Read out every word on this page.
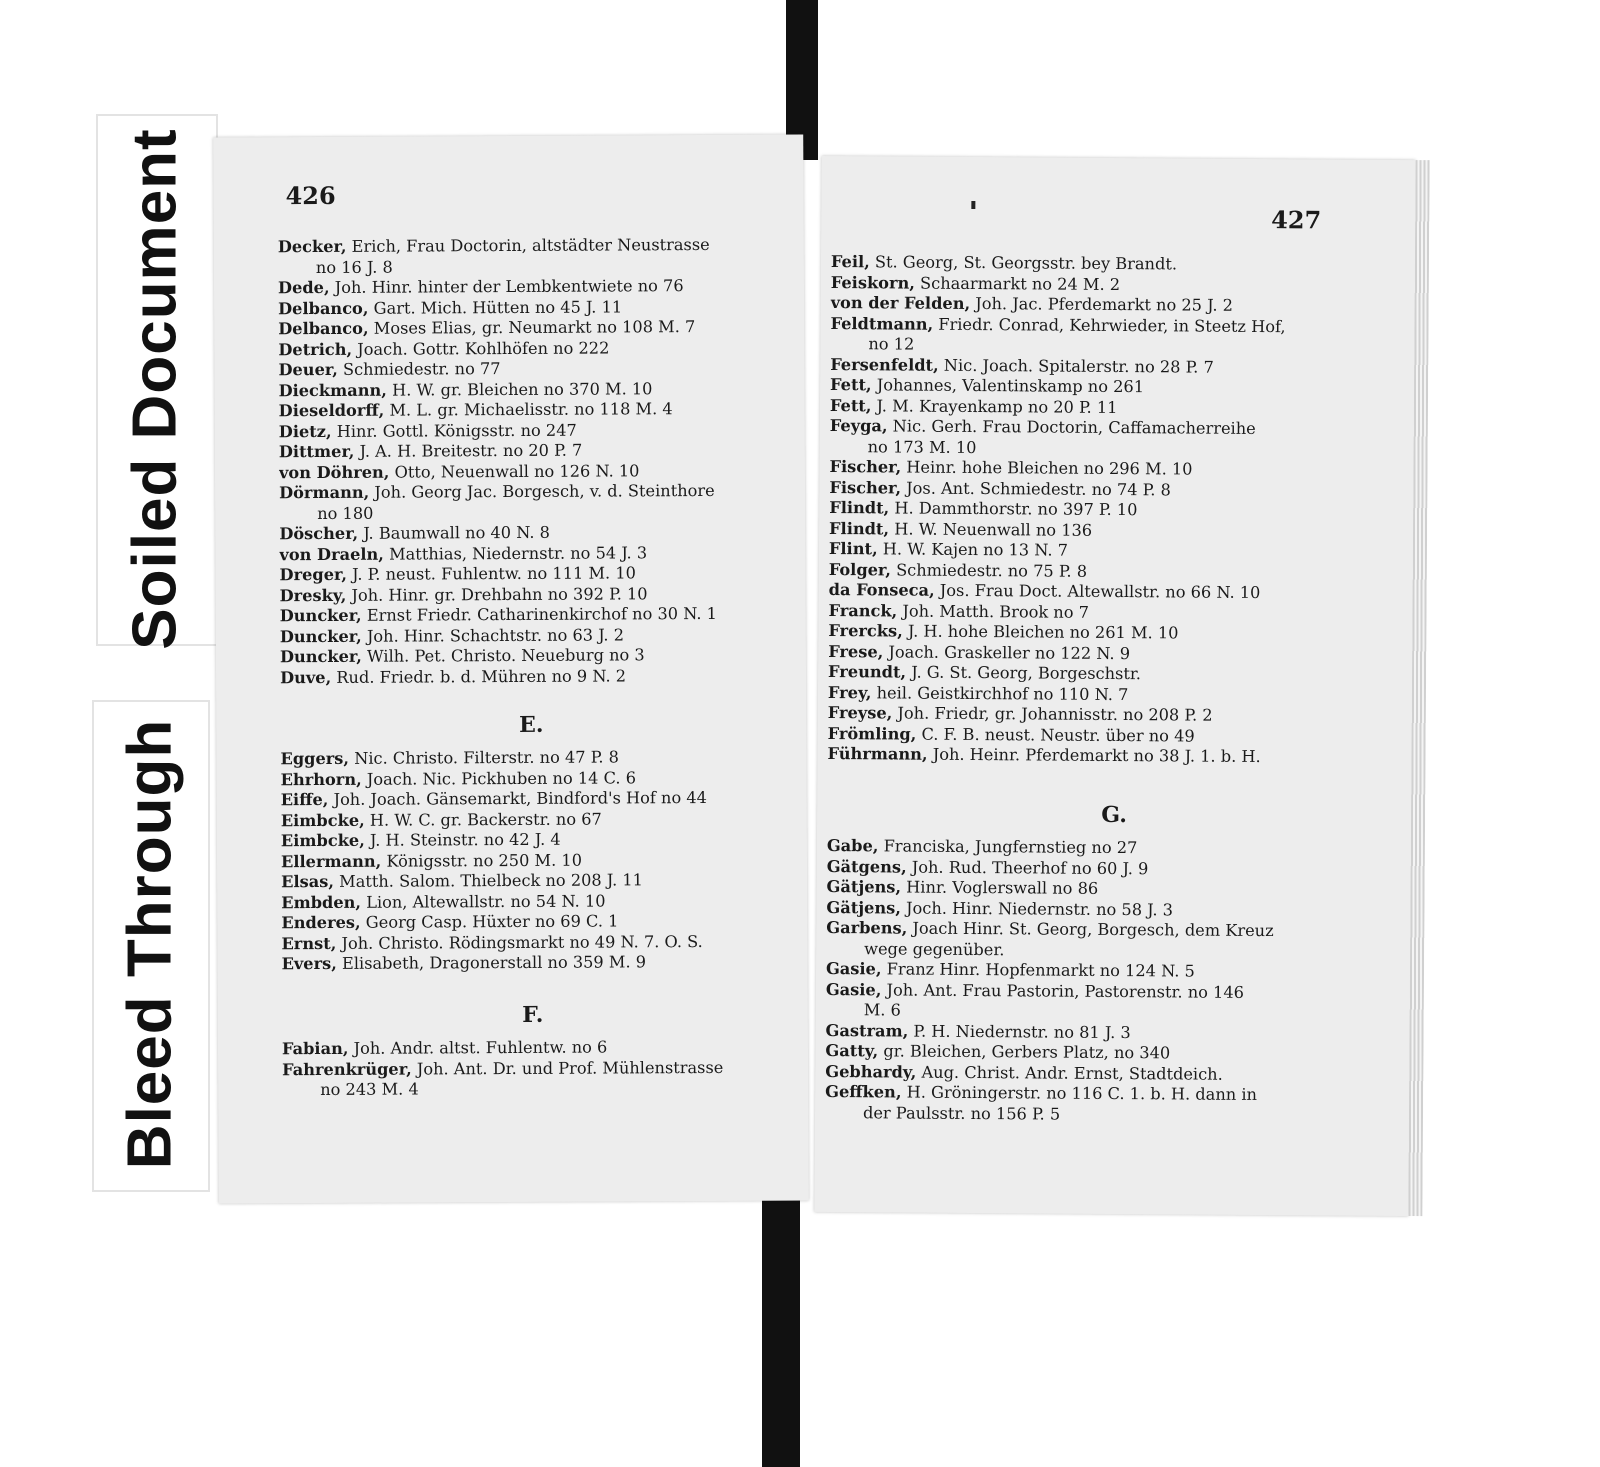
Soiled Document
Bleed Through
426
Decker, Erich, Frau Doctorin, altstädter Neustrasse
no 16 J. 8
Dede, Joh. Hinr. hinter der Lembkentwiete no 76
Delbanco, Gart. Mich. Hütten no 45 J. 11
Delbanco, Moses Elias, gr. Neumarkt no 108 M. 7
Detrich, Joach. Gottr. Kohlhöfen no 222
Deuer, Schmiedestr. no 77
Dieckmann, H. W. gr. Bleichen no 370 M. 10
Dieseldorff, M. L. gr. Michaelisstr. no 118 M. 4
Dietz, Hinr. Gottl. Königsstr. no 247
Dittmer, J. A. H. Breitestr. no 20 P. 7
von Döhren, Otto, Neuenwall no 126 N. 10
Dörmann, Joh. Georg Jac. Borgesch, v. d. Steinthore
no 180
Döscher, J. Baumwall no 40 N. 8
von Draeln, Matthias, Niedernstr. no 54 J. 3
Dreger, J. P. neust. Fuhlentw. no 111 M. 10
Dresky, Joh. Hinr. gr. Drehbahn no 392 P. 10
Duncker, Ernst Friedr. Catharinenkirchof no 30 N. 1
Duncker, Joh. Hinr. Schachtstr. no 63 J. 2
Duncker, Wilh. Pet. Christo. Neueburg no 3
Duve, Rud. Friedr. b. d. Mühren no 9 N. 2
E.
Eggers, Nic. Christo. Filterstr. no 47 P. 8
Ehrhorn, Joach. Nic. Pickhuben no 14 C. 6
Eiffe, Joh. Joach. Gänsemarkt, Bindford's Hof no 44
Eimbcke, H. W. C. gr. Backerstr. no 67
Eimbcke, J. H. Steinstr. no 42 J. 4
Ellermann, Königsstr. no 250 M. 10
Elsas, Matth. Salom. Thielbeck no 208 J. 11
Embden, Lion, Altewallstr. no 54 N. 10
Enderes, Georg Casp. Hüxter no 69 C. 1
Ernst, Joh. Christo. Rödingsmarkt no 49 N. 7. O. S.
Evers, Elisabeth, Dragonerstall no 359 M. 9
F.
Fabian, Joh. Andr. altst. Fuhlentw. no 6
Fahrenkrüger, Joh. Ant. Dr. und Prof. Mühlenstrasse
no 243 M. 4
427
Feil, St. Georg, St. Georgsstr. bey Brandt.
Feiskorn, Schaarmarkt no 24 M. 2
von der Felden, Joh. Jac. Pferdemarkt no 25 J. 2
Feldtmann, Friedr. Conrad, Kehrwieder, in Steetz Hof,
no 12
Fersenfeldt, Nic. Joach. Spitalerstr. no 28 P. 7
Fett, Johannes, Valentinskamp no 261
Fett, J. M. Krayenkamp no 20 P. 11
Feyga, Nic. Gerh. Frau Doctorin, Caffamacherreihe
no 173 M. 10
Fischer, Heinr. hohe Bleichen no 296 M. 10
Fischer, Jos. Ant. Schmiedestr. no 74 P. 8
Flindt, H. Dammthorstr. no 397 P. 10
Flindt, H. W. Neuenwall no 136
Flint, H. W. Kajen no 13 N. 7
Folger, Schmiedestr. no 75 P. 8
da Fonseca, Jos. Frau Doct. Altewallstr. no 66 N. 10
Franck, Joh. Matth. Brook no 7
Frercks, J. H. hohe Bleichen no 261 M. 10
Frese, Joach. Graskeller no 122 N. 9
Freundt, J. G. St. Georg, Borgeschstr.
Frey, heil. Geistkirchhof no 110 N. 7
Freyse, Joh. Friedr, gr. Johannisstr. no 208 P. 2
Frömling, C. F. B. neust. Neustr. über no 49
Führmann, Joh. Heinr. Pferdemarkt no 38 J. 1. b. H.
G.
Gabe, Franciska, Jungfernstieg no 27
Gätgens, Joh. Rud. Theerhof no 60 J. 9
Gätjens, Hinr. Voglerswall no 86
Gätjens, Joch. Hinr. Niedernstr. no 58 J. 3
Garbens, Joach Hinr. St. Georg, Borgesch, dem Kreuz
wege gegenüber.
Gasie, Franz Hinr. Hopfenmarkt no 124 N. 5
Gasie, Joh. Ant. Frau Pastorin, Pastorenstr. no 146
M. 6
Gastram, P. H. Niedernstr. no 81 J. 3
Gatty, gr. Bleichen, Gerbers Platz, no 340
Gebhardy, Aug. Christ. Andr. Ernst, Stadtdeich.
Geffken, H. Gröningerstr. no 116 C. 1. b. H. dann in
der Paulsstr. no 156 P. 5
